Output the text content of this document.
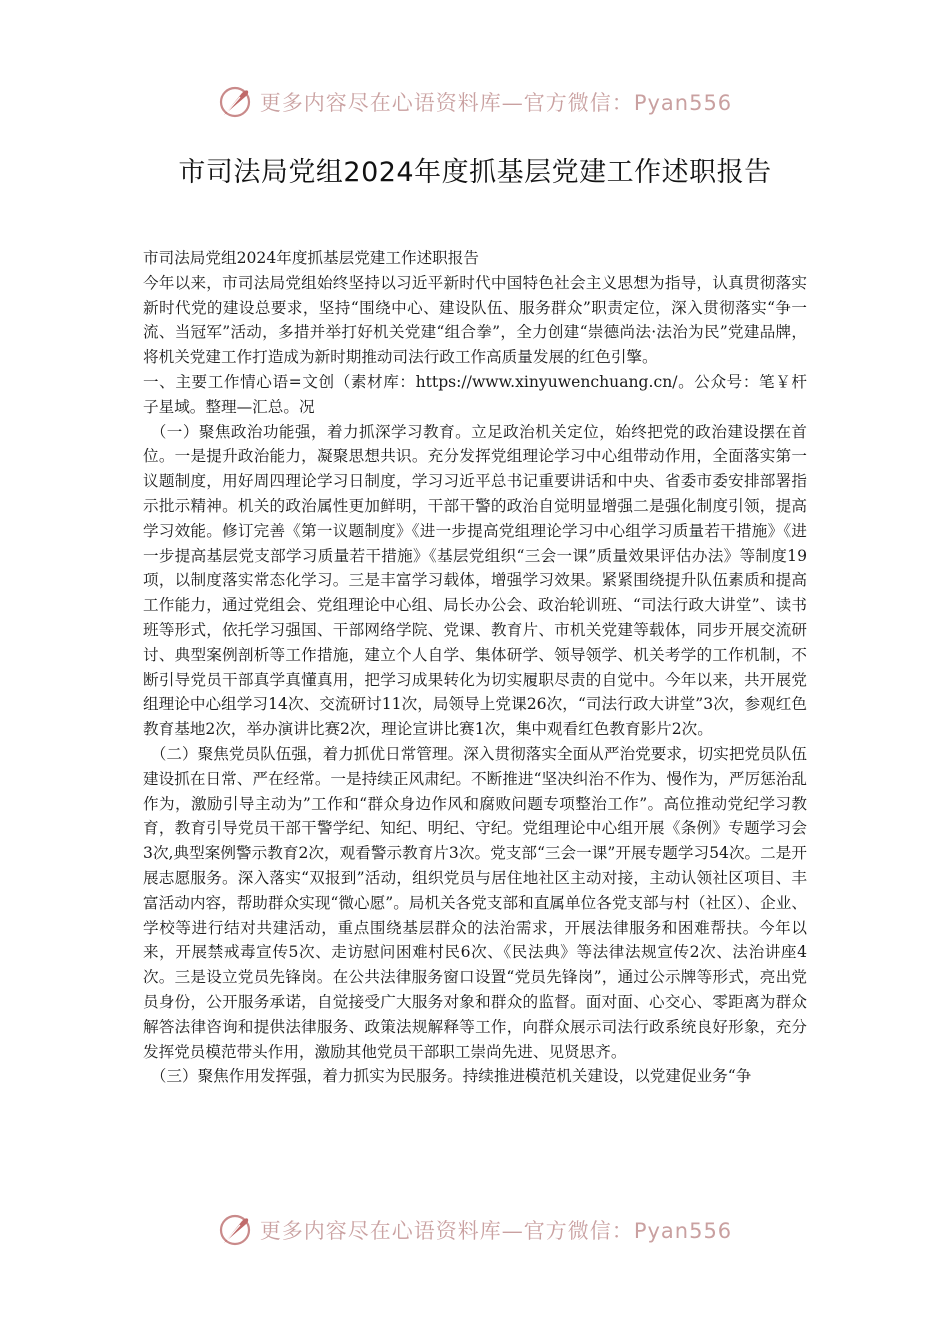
更多内容尽在心语资料库—官方微信：Pyan556
市司法局党组2024年度抓基层党建工作述职报告

市司法局党组2024年度抓基层党建工作述职报告

今年以来，市司法局党组始终坚持以习近平新时代中国特色社会主义思想为指导，认真贯彻落实新时代党的建设总要求，坚持“围绕中心、建设队伍、服务群众”职责定位，深入贯彻落实“争一流、当冠军”活动，多措并举打好机关党建“组合拳”，全力创建“崇德尚法·法治为民”党建品牌，将机关党建工作打造成为新时期推动司法行政工作高质量发展的红色引擎。

一、主要工作情心语=文创（素材库：https://www.xinyuwenchuang.cn/。公众号：笔￥杆子星域。整理—汇总。况

（一）聚焦政治功能强，着力抓深学习教育。立足政治机关定位，始终把党的政治建设摆在首位。一是提升政治能力，凝聚思想共识。充分发挥党组理论学习中心组带动作用，全面落实第一议题制度，用好周四理论学习日制度，学习习近平总书记重要讲话和中央、省委市委安排部署指示批示精神。机关的政治属性更加鲜明，干部干警的政治自觉明显增强二是强化制度引领，提高学习效能。修订完善《第一议题制度》《进一步提高党组理论学习中心组学习质量若干措施》《进一步提高基层党支部学习质量若干措施》《基层党组织“三会一课”质量效果评估办法》等制度19项，以制度落实常态化学习。三是丰富学习载体，增强学习效果。紧紧围绕提升队伍素质和提高工作能力，通过党组会、党组理论中心组、局长办公会、政治轮训班、“司法行政大讲堂”、读书班等形式，依托学习强国、干部网络学院、党课、教育片、市机关党建等载体，同步开展交流研讨、典型案例剖析等工作措施，建立个人自学、集体研学、领导领学、机关考学的工作机制，不断引导党员干部真学真懂真用，把学习成果转化为切实履职尽责的自觉中。今年以来，共开展党组理论中心组学习14次、交流研讨11次，局领导上党课26次，“司法行政大讲堂”3次，参观红色教育基地2次，举办演讲比赛2次，理论宣讲比赛1次，集中观看红色教育影片2次。

（二）聚焦党员队伍强，着力抓优日常管理。深入贯彻落实全面从严治党要求，切实把党员队伍建设抓在日常、严在经常。一是持续正风肃纪。不断推进“坚决纠治不作为、慢作为，严厉惩治乱作为，激励引导主动为”工作和“群众身边作风和腐败问题专项整治工作”。高位推动党纪学习教育，教育引导党员干部干警学纪、知纪、明纪、守纪。党组理论中心组开展《条例》专题学习会3次,典型案例警示教育2次，观看警示教育片3次。党支部“三会一课”开展专题学习54次。二是开展志愿服务。深入落实“双报到”活动，组织党员与居住地社区主动对接，主动认领社区项目、丰富活动内容，帮助群众实现“微心愿”。局机关各党支部和直属单位各党支部与村（社区）、企业、学校等进行结对共建活动，重点围绕基层群众的法治需求，开展法律服务和困难帮扶。今年以来，开展禁戒毒宣传5次、走访慰问困难村民6次、《民法典》等法律法规宣传2次、法治讲座4次。三是设立党员先锋岗。在公共法律服务窗口设置“党员先锋岗”，通过公示牌等形式，亮出党员身份，公开服务承诺，自觉接受广大服务对象和群众的监督。面对面、心交心、零距离为群众解答法律咨询和提供法律服务、政策法规解释等工作，向群众展示司法行政系统良好形象，充分发挥党员模范带头作用，激励其他党员干部职工崇尚先进、见贤思齐。

（三）聚焦作用发挥强，着力抓实为民服务。持续推进模范机关建设，以党建促业务“争

更多内容尽在心语资料库—官方微信：Pyan556
